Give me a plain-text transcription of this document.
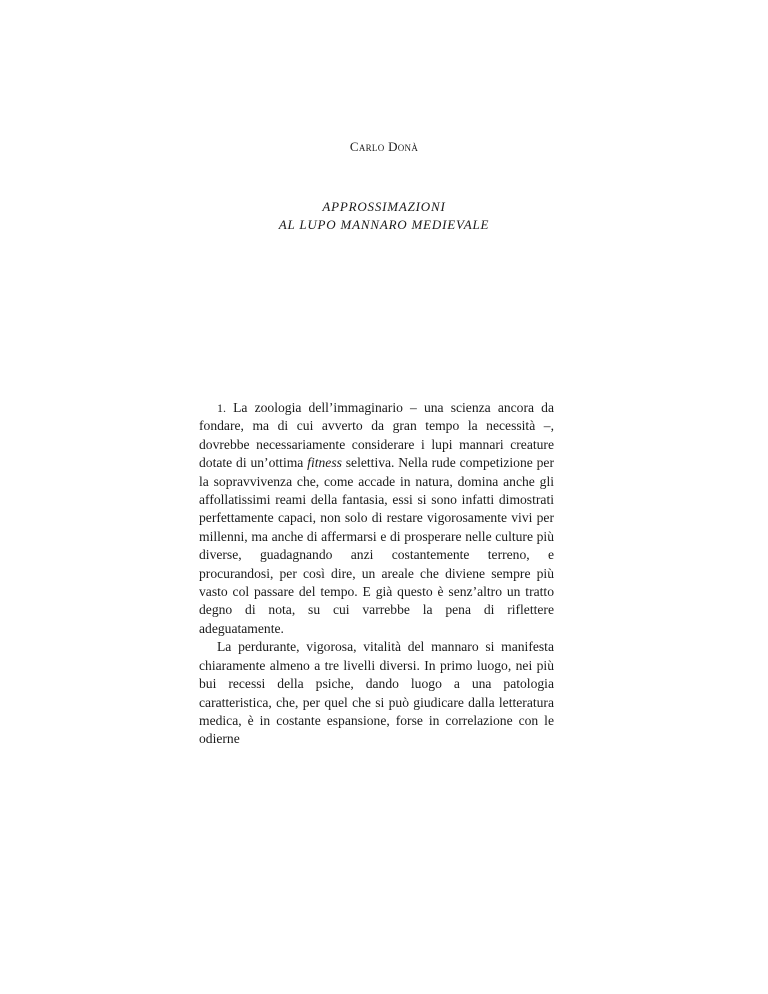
Carlo Donà
APPROSSIMAZIONI
AL LUPO MANNARO MEDIEVALE

1. La zoologia dell’immaginario – una scienza ancora da fondare, ma di cui avverto da gran tempo la necessità –, dovrebbe necessariamente considerare i lupi mannari creature dotate di un’ottima fitness selettiva. Nella rude competizione per la sopravvivenza che, come accade in natura, domina anche gli affollatissimi reami della fantasia, essi si sono infatti dimostrati perfettamente capaci, non solo di restare vigorosamente vivi per millenni, ma anche di affermarsi e di prosperare nelle culture più diverse, guadagnando anzi costantemente terreno, e procurandosi, per così dire, un areale che diviene sempre più vasto col passare del tempo. E già questo è senz’altro un tratto degno di nota, su cui varrebbe la pena di riflettere adeguatamente.

La perdurante, vigorosa, vitalità del mannaro si manifesta chiaramente almeno a tre livelli diversi. In primo luogo, nei più bui recessi della psiche, dando luogo a una patologia caratteristica, che, per quel che si può giudicare dalla letteratura medica, è in costante espansione, forse in correlazione con le odierne
